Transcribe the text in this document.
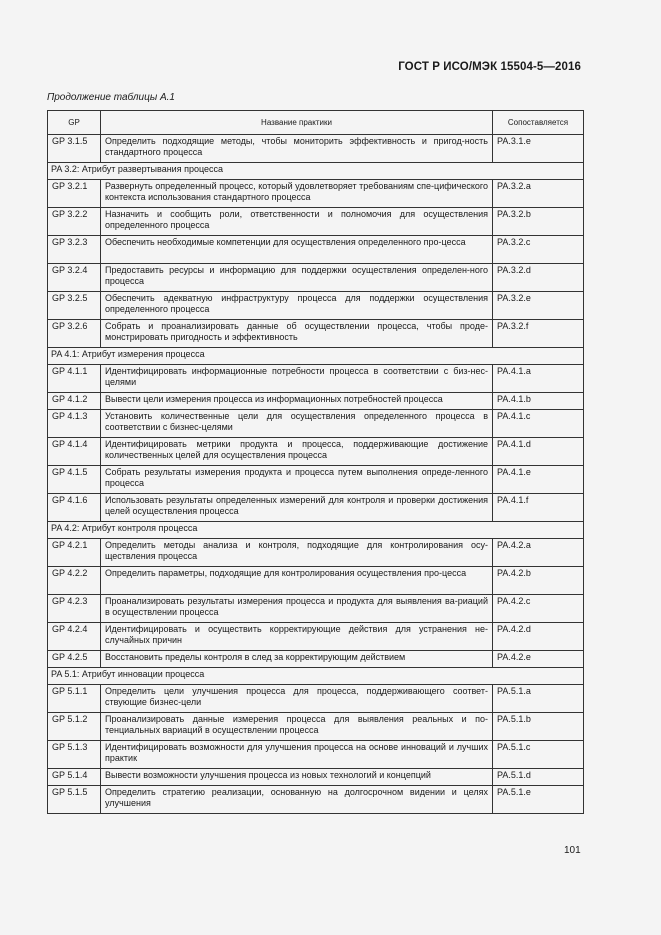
ГОСТ Р ИСО/МЭК 15504-5—2016
Продолжение таблицы А.1
GP	Название практики	Сопоставляется
GP 3.1.5	Определить подходящие методы, чтобы мониторить эффективность и пригод-ность стандартного процесса	PA.3.1.e
PA 3.2: Атрибут развертывания процесса		
GP 3.2.1	Развернуть определенный процесс, который удовлетворяет требованиям спе-цифического контекста использования стандартного процесса	PA.3.2.a
GP 3.2.2	Назначить и сообщить роли, ответственности и полномочия для осуществления определенного процесса	PA.3.2.b
GP 3.2.3	Обеспечить необходимые компетенции для осуществления определенного про-цесса	PA.3.2.c
GP 3.2.4	Предоставить ресурсы и информацию для поддержки осуществления определен-ного процесса	PA.3.2.d
GP 3.2.5	Обеспечить адекватную инфраструктуру процесса для поддержки осуществления определенного процесса	PA.3.2.e
GP 3.2.6	Собрать и проанализировать данные об осуществлении процесса, чтобы проде-монстрировать пригодность и эффективность	PA.3.2.f
PA 4.1: Атрибут измерения процесса		
GP 4.1.1	Идентифицировать информационные потребности процесса в соответствии с биз-нес-целями	PA.4.1.a
GP 4.1.2	Вывести цели измерения процесса из информационных потребностей процесса	PA.4.1.b
GP 4.1.3	Установить количественные цели для осуществления определенного процесса в соответствии с бизнес-целями	PA.4.1.c
GP 4.1.4	Идентифицировать метрики продукта и процесса, поддерживающие достижение количественных целей для осуществления процесса	PA.4.1.d
GP 4.1.5	Собрать результаты измерения продукта и процесса путем выполнения опреде-ленного процесса	PA.4.1.e
GP 4.1.6	Использовать результаты определенных измерений для контроля и проверки достижения целей осуществления процесса	PA.4.1.f
PA 4.2: Атрибут контроля процесса		
GP 4.2.1	Определить методы анализа и контроля, подходящие для контролирования осу-ществления процесса	PA.4.2.a
GP 4.2.2	Определить параметры, подходящие для контролирования осуществления про-цесса	PA.4.2.b
GP 4.2.3	Проанализировать результаты измерения процесса и продукта для выявления ва-риаций в осуществлении процесса	PA.4.2.c
GP 4.2.4	Идентифицировать и осуществить корректирующие действия для устранения не-случайных причин	PA.4.2.d
GP 4.2.5	Восстановить пределы контроля в след за корректирующим действием	PA.4.2.e
PA 5.1: Атрибут инновации процесса		
GP 5.1.1	Определить цели улучшения процесса для процесса, поддерживающего соответ-ствующие бизнес-цели	PA.5.1.a
GP 5.1.2	Проанализировать данные измерения процесса для выявления реальных и по-тенциальных вариаций в осуществлении процесса	PA.5.1.b
GP 5.1.3	Идентифицировать возможности для улучшения процесса на основе инноваций и лучших практик	PA.5.1.c
GP 5.1.4	Вывести возможности улучшения процесса из новых технологий и концепций	PA.5.1.d
GP 5.1.5	Определить стратегию реализации, основанную на долгосрочном видении и целях улучшения	PA.5.1.e
101
